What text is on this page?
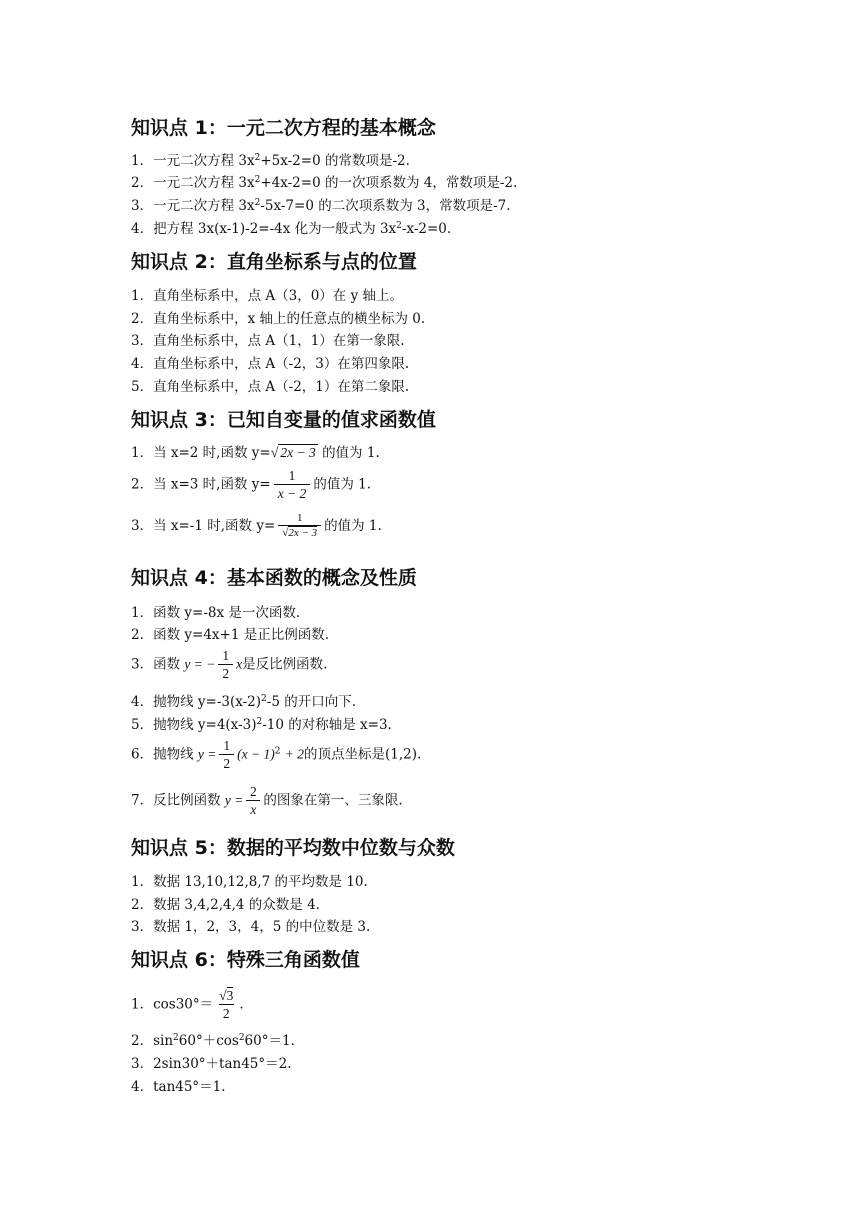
知识点 1：一元二次方程的基本概念
1．一元二次方程 $3x^2+5x-2=0$ 的常数项是-2.
2．一元二次方程 $3x^2+4x-2=0$ 的一次项系数为 4，常数项是-2.
3．一元二次方程 $3x^2-5x-7=0$ 的二次项系数为 3，常数项是-7.
4．把方程 3x(x-1)-2=-4x 化为一般式为 $3x^2-x-2=0$.
知识点 2：直角坐标系与点的位置
1．直角坐标系中，点 A（3，0）在 y 轴上。
2．直角坐标系中，x 轴上的任意点的横坐标为 0.
3．直角坐标系中，点 A（1，1）在第一象限.
4．直角坐标系中，点 A（-2，3）在第四象限.
5．直角坐标系中，点 A（-2，1）在第二象限.
知识点 3：已知自变量的值求函数值
1．当 x=2 时,函数 y=√ 2x − 3 的值为 1.
2．当 x=3 时,函数 $y= \frac{1}{x - 2}$ 的值为 1.
3．当 x=-1 时,函数 $y= \frac{1}{√2x - 3}$ 的值为 1.
知识点 4：基本函数的概念及性质
1．函数 y=-8x 是一次函数.
2．函数 y=4x+1 是正比例函数.
3．函数 y = − $\frac{1}{2}$ x是反比例函数.
4．抛物线 $y=-3(x-2)^2-5$ 的开口向下.
5．抛物线 $y=4(x-3)^2-10$ 的对称轴是 x=3.
6．抛物线 $y = \frac{1}{2} (x - 1)^2 + 2$的顶点坐标是(1,2).
7．反比例函数 $y = \frac{2}{x}$ 的图象在第一、三象限.
知识点 5：数据的平均数中位数与众数
1．数据 13,10,12,8,7 的平均数是 10.
2．数据 3,4,2,4,4 的众数是 4.
3．数据 1，2，3，4，5 的中位数是 3.
知识点 6：特殊三角函数值
1．$\cos 30^\circ= \frac{√3}{2}$ .
2．$\sin^260^\circ+\cos^260^\circ=1$.
3．2sin30°＋tan45°＝2.
4．tan45°＝1.
